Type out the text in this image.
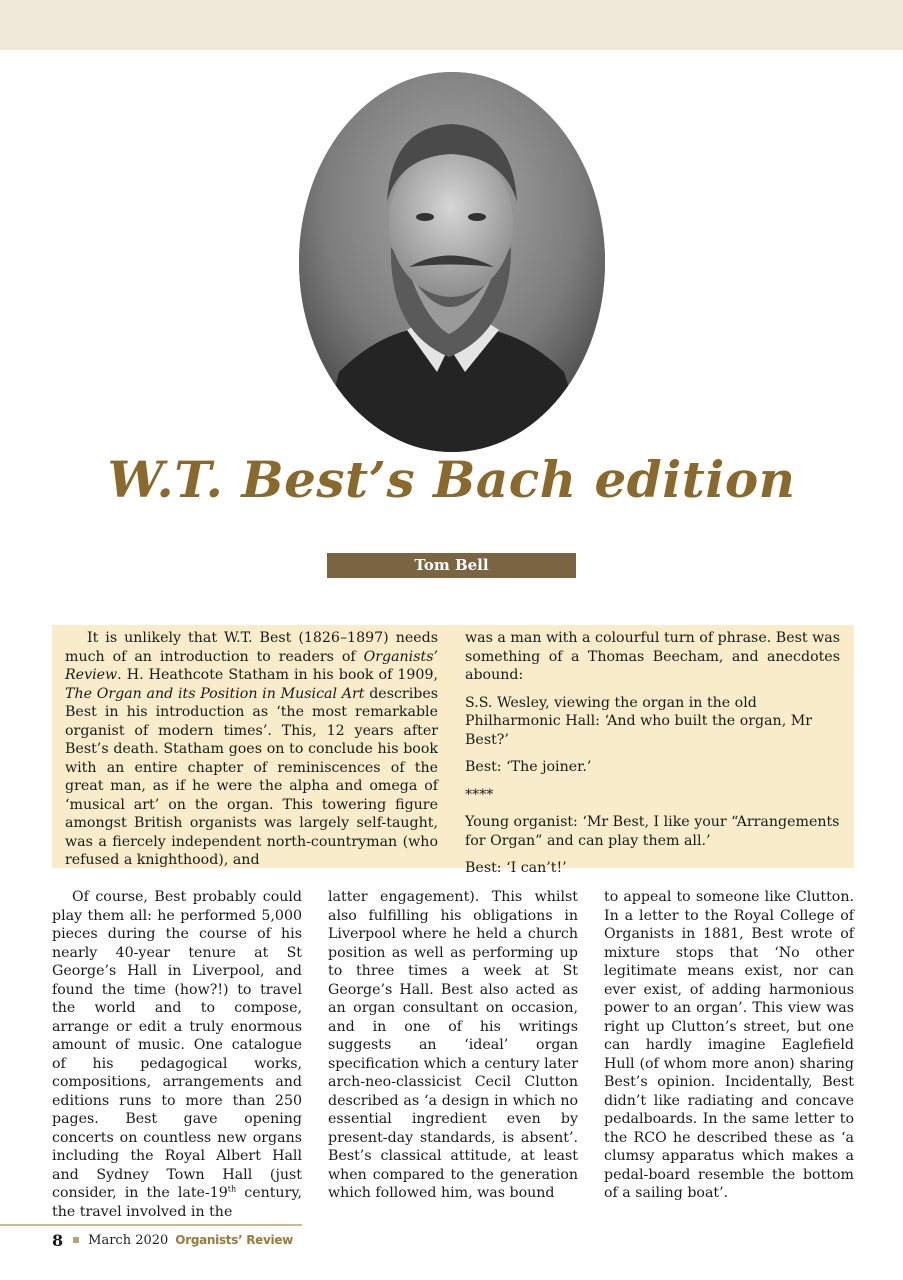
W.T. Best’s Bach edition
Tom Bell

It is unlikely that W.T. Best (1826–1897) needs much of an introduction to readers of Organists’ Review. H. Heathcote Statham in his book of 1909, The Organ and its Position in Musical Art describes Best in his introduction as ‘the most remarkable organist of modern times’. This, 12 years after Best’s death. Statham goes on to conclude his book with an entire chapter of reminiscences of the great man, as if he were the alpha and omega of ‘musical art’ on the organ. This towering figure amongst British organists was largely self-taught, was a fiercely independent north-countryman (who refused a knighthood), and

was a man with a colourful turn of phrase. Best was something of a Thomas Beecham, and anecdotes abound:

S.S. Wesley, viewing the organ in the old Philharmonic Hall: ‘And who built the organ, Mr Best?’

Best: ‘The joiner.’

****

Young organist: ‘Mr Best, I like your “Arrangements for Organ” and can play them all.’

Best: ‘I can’t!’

Of course, Best probably could play them all: he performed 5,000 pieces during the course of his nearly 40-year tenure at St George’s Hall in Liverpool, and found the time (how?!) to travel the world and to compose, arrange or edit a truly enormous amount of music. One catalogue of his pedagogical works, compositions, arrangements and editions runs to more than 250 pages. Best gave opening concerts on countless new organs including the Royal Albert Hall and Sydney Town Hall (just consider, in the late-19th century, the travel involved in the

latter engagement). This whilst also fulfilling his obligations in Liverpool where he held a church position as well as performing up to three times a week at St George’s Hall. Best also acted as an organ consultant on occasion, and in one of his writings suggests an ‘ideal’ organ specification which a century later arch-neo-classicist Cecil Clutton described as ‘a design in which no essential ingredient even by present-day standards, is absent’. Best’s classical attitude, at least when compared to the generation which followed him, was bound

to appeal to someone like Clutton. In a letter to the Royal College of Organists in 1881, Best wrote of mixture stops that ‘No other legitimate means exist, nor can ever exist, of adding harmonious power to an organ’. This view was right up Clutton’s street, but one can hardly imagine Eaglefield Hull (of whom more anon) sharing Best’s opinion. Incidentally, Best didn’t like radiating and concave pedalboards. In the same letter to the RCO he described these as ‘a clumsy apparatus which makes a pedal-board resemble the bottom of a sailing boat’.

8 March 2020 Organists’ Review
